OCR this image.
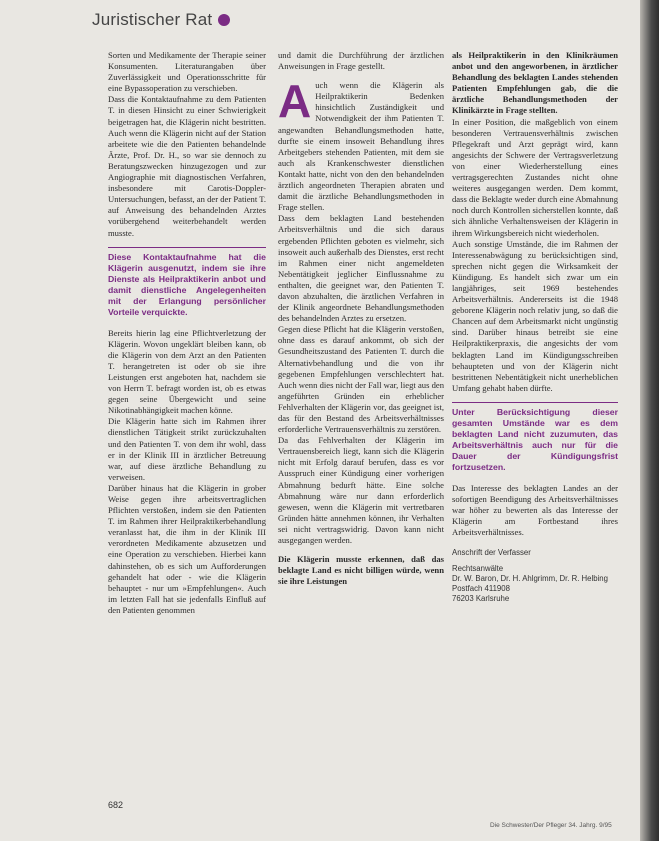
Juristischer Rat

Sorten und Medikamente der Therapie seiner Konsumenten. Literaturangaben über Zuverlässigkeit und Operationsschritte für eine Bypassoperation zu verschieben.

Dass die Kontaktaufnahme zu dem Patienten T. in diesen Hinsicht zu einer Schwierigkeit beigetragen hat, die Klägerin nicht bestritten. Auch wenn die Klägerin nicht auf der Station arbeitete wie die den Patienten behandelnde Ärzte, Prof. Dr. H., so war sie dennoch zu Beratungszwecken hinzugezogen und zur Angiographie mit diagnostischen Verfahren, insbesondere mit Carotis-Doppler-Untersuchungen, befasst, an der der Patient T. auf Anweisung des behandelnden Arztes vorübergehend weiterbehandelt werden musste.

Diese Kontaktaufnahme hat die Klägerin ausgenutzt, indem sie ihre Dienste als Heilpraktikerin anbot und damit dienstliche Angelegenheiten mit der Erlangung persönlicher Vorteile verquickte.

Bereits hierin lag eine Pflichtverletzung der Klägerin. Wovon ungeklärt bleiben kann, ob die Klägerin von dem Arzt an den Patienten T. herangetreten ist oder ob sie ihre Leistungen erst angeboten hat, nachdem sie von Herrn T. befragt worden ist, ob es etwas gegen seine Übergewicht und seine Nikotinabhängigkeit machen könne.

Die Klägerin hatte sich im Rahmen ihrer dienstlichen Tätigkeit strikt zurückzuhalten und den Patienten T. von dem ihr wohl, dass er in der Klinik III in ärztlicher Betreuung war, auf diese ärztliche Behandlung zu verweisen.

Darüber hinaus hat die Klägerin in grober Weise gegen ihre arbeitsvertraglichen Pflichten verstoßen, indem sie den Patienten T. im Rahmen ihrer Heilpraktikerbehandlung veranlasst hat, die ihm in der Klinik III verordneten Medikamente abzusetzen und eine Operation zu verschieben. Hierbei kann dahinstehen, ob es sich um Aufforderungen gehandelt hat oder - wie die Klägerin behauptet - nur um »Empfehlungen«. Auch im letzten Fall hat sie jedenfalls Einfluß auf den Patienten genommen

und damit die Durchführung der ärztlichen Anweisungen in Frage gestellt.

Auch wenn die Klägerin als Heilpraktikerin Bedenken hinsichtlich Zuständigkeit und Notwendigkeit der ihm Patienten T. angewandten Behandlungsmethoden hatte, durfte sie einem insoweit Behandlung ihres Arbeitgebers stehenden Patienten, mit dem sie auch als Krankenschwester dienstlichen Kontakt hatte, nicht von den den behandelnden ärztlich angeordneten Therapien abraten und damit die ärztliche Behandlungsmethoden in Frage stellen.

Dass dem beklagten Land bestehenden Arbeitsverhältnis und die sich daraus ergebenden Pflichten geboten es vielmehr, sich insoweit auch außerhalb des Dienstes, erst recht im Rahmen einer nicht angemeldeten Nebentätigkeit jeglicher Einflussnahme zu enthalten, die geeignet war, den Patienten T. davon abzuhalten, die ärztlichen Verfahren in der Klinik angeordnete Behandlungsmethoden des behandelnden Arztes zu ersetzen.

Gegen diese Pflicht hat die Klägerin verstoßen, ohne dass es darauf ankommt, ob sich der Gesundheitszustand des Patienten T. durch die Alternativbehandlung und die von ihr gegebenen Empfehlungen verschlechtert hat. Auch wenn dies nicht der Fall war, liegt aus den angeführten Gründen ein erheblicher Fehlverhalten der Klägerin vor, das geeignet ist, das für den Bestand des Arbeitsverhältnisses erforderliche Vertrauensverhältnis zu zerstören.

Da das Fehlverhalten der Klägerin im Vertrauensbereich liegt, kann sich die Klägerin nicht mit Erfolg darauf berufen, dass es vor Ausspruch einer Kündigung einer vorherigen Abmahnung bedurft hätte. Eine solche Abmahnung wäre nur dann erforderlich gewesen, wenn die Klägerin mit vertretbaren Gründen hätte annehmen können, ihr Verhalten sei nicht vertragswidrig. Davon kann nicht ausgegangen werden.

Die Klägerin musste erkennen, daß das beklagte Land es nicht billigen würde, wenn sie ihre Leistungen

als Heilpraktikerin in den Klinikräumen anbot und den angeworbenen, in ärztlicher Behandlung des beklagten Landes stehenden Patienten Empfehlungen gab, die die ärztliche Behandlungsmethoden der Klinikärzte in Frage stellten.

In einer Position, die maßgeblich von einem besonderen Vertrauensverhältnis zwischen Pflegekraft und Arzt geprägt wird, kann angesichts der Schwere der Vertragsverletzung von einer Wiederherstellung eines vertragsgerechten Zustandes nicht ohne weiteres ausgegangen werden. Dem kommt, dass die Beklagte weder durch eine Abmahnung noch durch Kontrollen sicherstellen konnte, daß sich ähnliche Verhaltensweisen der Klägerin in ihrem Wirkungsbereich nicht wiederholen.

Auch sonstige Umstände, die im Rahmen der Interessenabwägung zu berücksichtigen sind, sprechen nicht gegen die Wirksamkeit der Kündigung. Es handelt sich zwar um ein langjähriges, seit 1969 bestehendes Arbeitsverhältnis. Andererseits ist die 1948 geborene Klägerin noch relativ jung, so daß die Chancen auf dem Arbeitsmarkt nicht ungünstig sind. Darüber hinaus betreibt sie eine Heilpraktikerpraxis, die angesichts der vom beklagten Land im Kündigungsschreiben behaupteten und von der Klägerin nicht bestrittenen Nebentätigkeit nicht unerheblichen Umfang gehabt haben dürfte.

Unter Berücksichtigung dieser gesamten Umstände war es dem beklagten Land nicht zuzumuten, das Arbeitsverhältnis auch nur für die Dauer der Kündigungsfrist fortzusetzen.

Das Interesse des beklagten Landes an der sofortigen Beendigung des Arbeitsverhältnisses war höher zu bewerten als das Interesse der Klägerin am Fortbestand ihres Arbeitsverhältnisses.

Anschrift der Verfasser
Rechtsanwälte
Dr. W. Baron, Dr. H. Ahlgrimm, Dr. R. Helbing
Postfach 411908
76203 Karlsruhe
682
Die Schwester/Der Pfleger 34. Jahrg. 9/95
